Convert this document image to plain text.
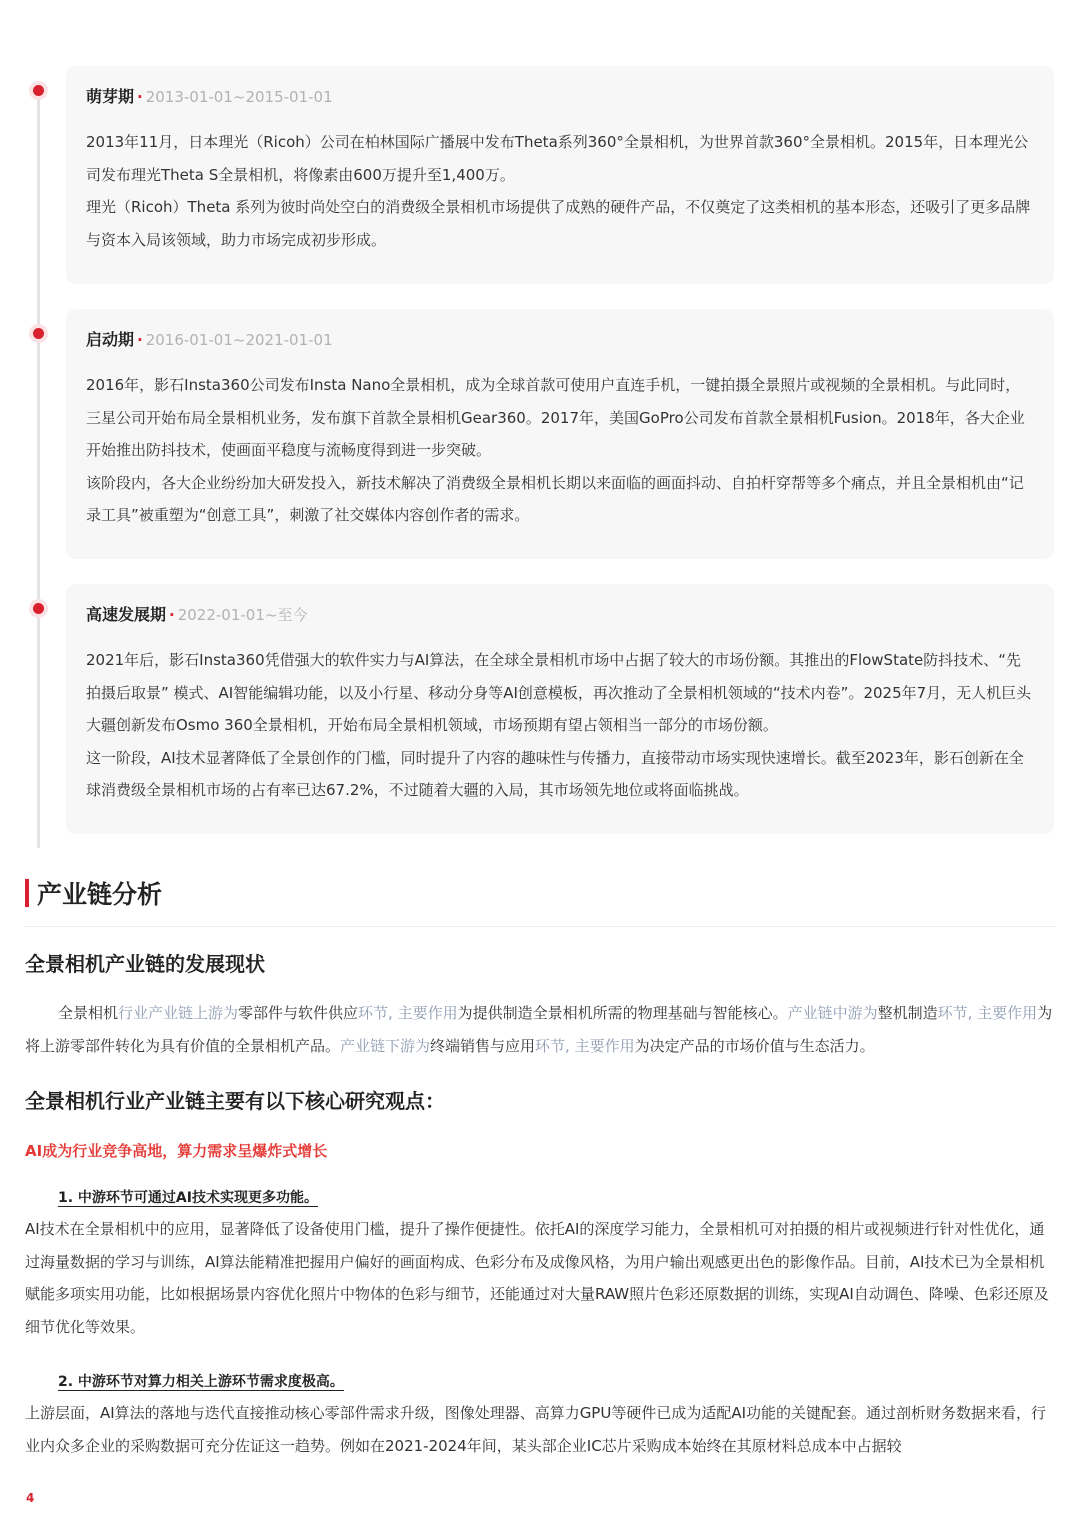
萌芽期 · 2013-01-01~2015-01-01

2013年11月，日本理光（Ricoh）公司在柏林国际广播展中发布Theta系列360°全景相机，为世界首款360°全景相机。2015年，日本理光公司发布理光Theta S全景相机，将像素由600万提升至1,400万。

理光（Ricoh）Theta 系列为彼时尚处空白的消费级全景相机市场提供了成熟的硬件产品，不仅奠定了这类相机的基本形态，还吸引了更多品牌与资本入局该领域，助力市场完成初步形成。

启动期 · 2016-01-01~2021-01-01

2016年，影石Insta360公司发布Insta Nano全景相机，成为全球首款可使用户直连手机，一键拍摄全景照片或视频的全景相机。与此同时，三星公司开始布局全景相机业务，发布旗下首款全景相机Gear360。2017年，美国GoPro公司发布首款全景相机Fusion。2018年，各大企业开始推出防抖技术，使画面平稳度与流畅度得到进一步突破。

该阶段内，各大企业纷纷加大研发投入，新技术解决了消费级全景相机长期以来面临的画面抖动、自拍杆穿帮等多个痛点，并且全景相机由“记录工具”被重塑为“创意工具”，刺激了社交媒体内容创作者的需求。

高速发展期 · 2022-01-01~至今

2021年后，影石Insta360凭借强大的软件实力与AI算法，在全球全景相机市场中占据了较大的市场份额。其推出的FlowState防抖技术、“先拍摄后取景” 模式、AI智能编辑功能，以及小行星、移动分身等AI创意模板，再次推动了全景相机领域的“技术内卷”。2025年7月，无人机巨头大疆创新发布Osmo 360全景相机，开始布局全景相机领域，市场预期有望占领相当一部分的市场份额。

这一阶段，AI技术显著降低了全景创作的门槛，同时提升了内容的趣味性与传播力，直接带动市场实现快速增长。截至2023年，影石创新在全球消费级全景相机市场的占有率已达67.2%，不过随着大疆的入局，其市场领先地位或将面临挑战。

产业链分析
全景相机产业链的发展现状

全景相机行业产业链上游为零部件与软件供应环节, 主要作用为提供制造全景相机所需的物理基础与智能核心。产业链中游为整机制造环节, 主要作用为将上游零部件转化为具有价值的全景相机产品。产业链下游为终端销售与应用环节, 主要作用为决定产品的市场价值与生态活力。

全景相机行业产业链主要有以下核心研究观点：
AI成为行业竞争高地，算力需求呈爆炸式增长
1. 中游环节可通过AI技术实现更多功能。

AI技术在全景相机中的应用，显著降低了设备使用门槛，提升了操作便捷性。依托AI的深度学习能力，全景相机可对拍摄的相片或视频进行针对性优化，通过海量数据的学习与训练，AI算法能精准把握用户偏好的画面构成、色彩分布及成像风格，为用户输出观感更出色的影像作品。目前，AI技术已为全景相机赋能多项实用功能，比如根据场景内容优化照片中物体的色彩与细节，还能通过对大量RAW照片色彩还原数据的训练，实现AI自动调色、降噪、色彩还原及细节优化等效果。

2. 中游环节对算力相关上游环节需求度极高。

上游层面，AI算法的落地与迭代直接推动核心零部件需求升级，图像处理器、高算力GPU等硬件已成为适配AI功能的关键配套。通过剖析财务数据来看，行业内众多企业的采购数据可充分佐证这一趋势。例如在2021-2024年间，某头部企业IC芯片采购成本始终在其原材料总成本中占据较

4
